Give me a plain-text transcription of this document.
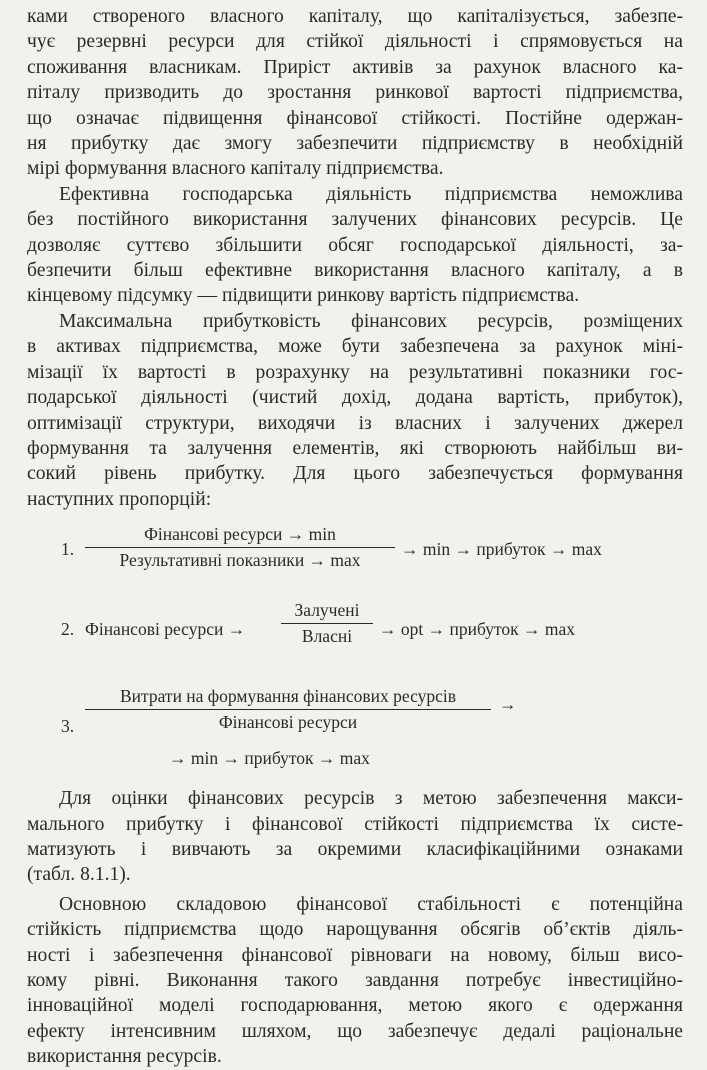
ками створеного власного капіталу, що капіталізується, забезпе-
чує резервні ресурси для стійкої діяльності і спрямовується на
споживання власникам. Приріст активів за рахунок власного ка-
піталу призводить до зростання ринкової вартості підприємства,
що означає підвищення фінансової стійкості. Постійне одержан-
ня прибутку дає змогу забезпечити підприємству в необхідній
мірі формування власного капіталу підприємства.

Ефективна господарська діяльність підприємства неможлива
без постійного використання залучених фінансових ресурсів. Це
дозволяє суттєво збільшити обсяг господарської діяльності, за-
безпечити більш ефективне використання власного капіталу, а в
кінцевому підсумку — підвищити ринкову вартість підприємства.

Максимальна прибутковість фінансових ресурсів, розміщених
в активах підприємства, може бути забезпечена за рахунок міні-
мізації їх вартості в розрахунку на результативні показники гос-
подарської діяльності (чистий дохід, додана вартість, прибуток),
оптимізації структури, виходячи із власних і залучених джерел
формування та залучення елементів, які створюють найбільш ви-
сокий рівень прибутку. Для цього забезпечується формування
наступних пропорцій:

1.
Фінансові ресурси → min
Результативні показники → max
→ min → прибуток → max
2. Фінансові ресурси →
Залучені
Власні	→ opt → прибуток → max
3.
Витрати на формування фінансових ресурсів
Фінансові ресурси
→
→ min → прибуток → max

Для оцінки фінансових ресурсів з метою забезпечення макси-
мального прибутку і фінансової стійкості підприємства їх систе-
матизують і вивчають за окремими класифікаційними ознаками
(табл. 8.1.1).

Основною складовою фінансової стабільності є потенційна
стійкість підприємства щодо нарощування обсягів об’єктів діяль-
ності і забезпечення фінансової рівноваги на новому, більш висо-
кому рівні. Виконання такого завдання потребує інвестиційно-
інноваційної моделі господарювання, метою якого є одержання
ефекту інтенсивним шляхом, що забезпечує дедалі раціональне
використання ресурсів.
